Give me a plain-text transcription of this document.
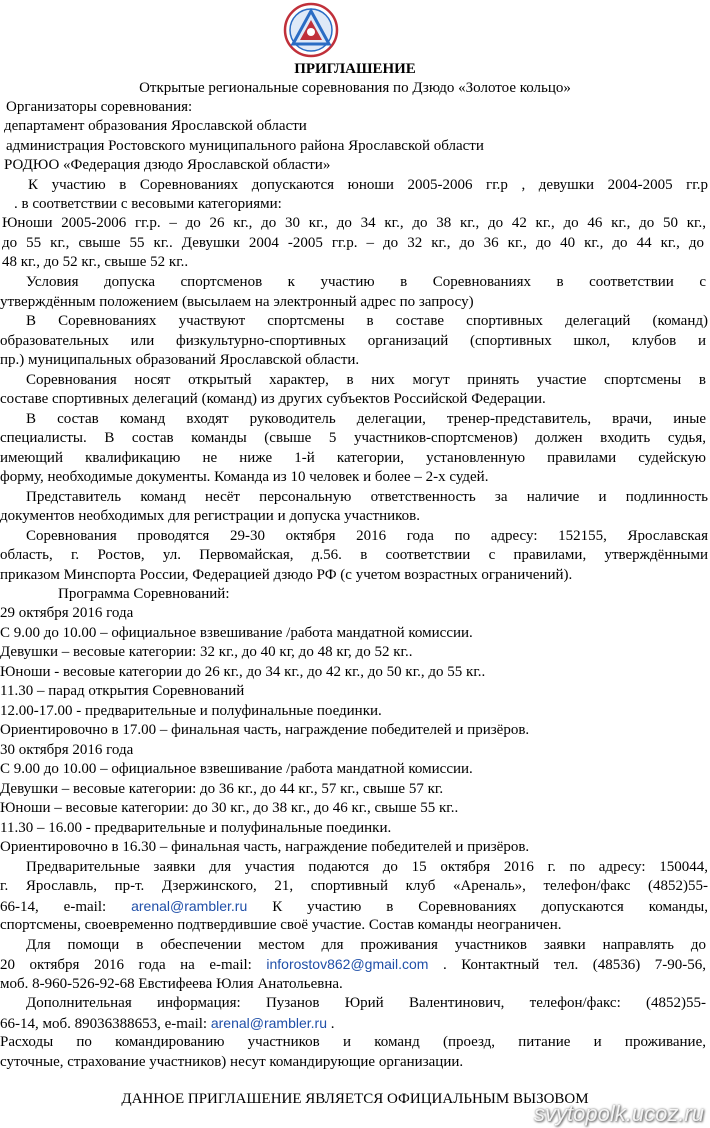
ПРИГЛАШЕНИЕ
Открытые региональные соревнования по Дзюдо «Золотое кольцо»
Организаторы соревнования:
департамент образования Ярославской области
администрация Ростовского муниципального района Ярославской области
РОДЮО «Федерация дзюдо Ярославской области»
К участию в Соревнованиях допускаются юноши 2005-2006 гг.р , девушки 2004-2005 гг.р
. в соответствии с весовыми категориями:
Юноши 2005-2006 гг.р. – до 26 кг., до 30 кг., до 34 кг., до 38 кг., до 42 кг., до 46 кг., до 50 кг.,
до 55 кг., свыше 55 кг.. Девушки 2004 -2005 гг.р. – до 32 кг., до 36 кг., до 40 кг., до 44 кг., до
48 кг., до 52 кг., свыше 52 кг..
Условия допуска спортсменов к участию в Соревнованиях в соответствии с
утверждённым положением (высылаем на электронный адрес по запросу)
В Соревнованиях участвуют спортсмены в составе спортивных делегаций (команд)
образовательных или физкультурно-спортивных организаций (спортивных школ, клубов и
пр.) муниципальных образований Ярославской области.
Соревнования носят открытый характер, в них могут принять участие спортсмены в
составе спортивных делегаций (команд) из других субъектов Российской Федерации.
В состав команд входят руководитель делегации, тренер-представитель, врачи, иные
специалисты. В состав команды (свыше 5 участников-спортсменов) должен входить судья,
имеющий квалификацию не ниже 1-й категории, установленную правилами судейскую
форму, необходимые документы. Команда из 10 человек и более – 2-х судей.
Представитель команд несёт персональную ответственность за наличие и подлинность
документов необходимых для регистрации и допуска участников.
Соревнования проводятся 29-30 октября 2016 года по адресу: 152155, Ярославская
область, г. Ростов, ул. Первомайская, д.56. в соответствии с правилами, утверждёнными
приказом Минспорта России, Федерацией дзюдо РФ (с учетом возрастных ограничений).
Программа Соревнований:
29 октября 2016 года
С 9.00 до 10.00 – официальное взвешивание /работа мандатной комиссии.
Девушки – весовые категории: 32 кг., до 40 кг, до 48 кг, до 52 кг..
Юноши - весовые категории до 26 кг., до 34 кг., до 42 кг., до 50 кг., до 55 кг..
11.30 – парад открытия Соревнований
12.00-17.00 - предварительные и полуфинальные поединки.
Ориентировочно в 17.00 – финальная часть, награждение победителей и призёров.
30 октября 2016 года
С 9.00 до 10.00 – официальное взвешивание /работа мандатной комиссии.
Девушки – весовые категории: до 36 кг., до 44 кг., 57 кг., свыше 57 кг.
Юноши – весовые категории: до 30 кг., до 38 кг., до 46 кг., свыше 55 кг..
11.30 – 16.00 - предварительные и полуфинальные поединки.
Ориентировочно в 16.30 – финальная часть, награждение победителей и призёров.
Предварительные заявки для участия подаются до 15 октября 2016 г. по адресу: 150044,
г. Ярославль, пр-т. Дзержинского, 21, спортивный клуб «Ареналь», телефон/факс (4852)55-
66-14, e-mail: arenal@rambler.ru К участию в Соревнованиях допускаются команды,
спортсмены, своевременно подтвердившие своё участие. Состав команды неограничен.
Для помощи в обеспечении местом для проживания участников заявки направлять до
20 октября 2016 года на e-mail: inforostov862@gmail.com . Контактный тел. (48536) 7-90-56,
моб. 8-960-526-92-68 Евстифеева Юлия Анатольевна.
Дополнительная информация: Пузанов Юрий Валентинович, телефон/факс: (4852)55-
66-14, моб. 89036388653, e-mail: arenal@rambler.ru .
Расходы по командированию участников и команд (проезд, питание и проживание,
суточные, страхование участников) несут командирующие организации.
ДАННОЕ ПРИГЛАШЕНИЕ ЯВЛЯЕТСЯ ОФИЦИАЛЬНЫМ ВЫЗОВОМ
svytopolk.ucoz.ru
